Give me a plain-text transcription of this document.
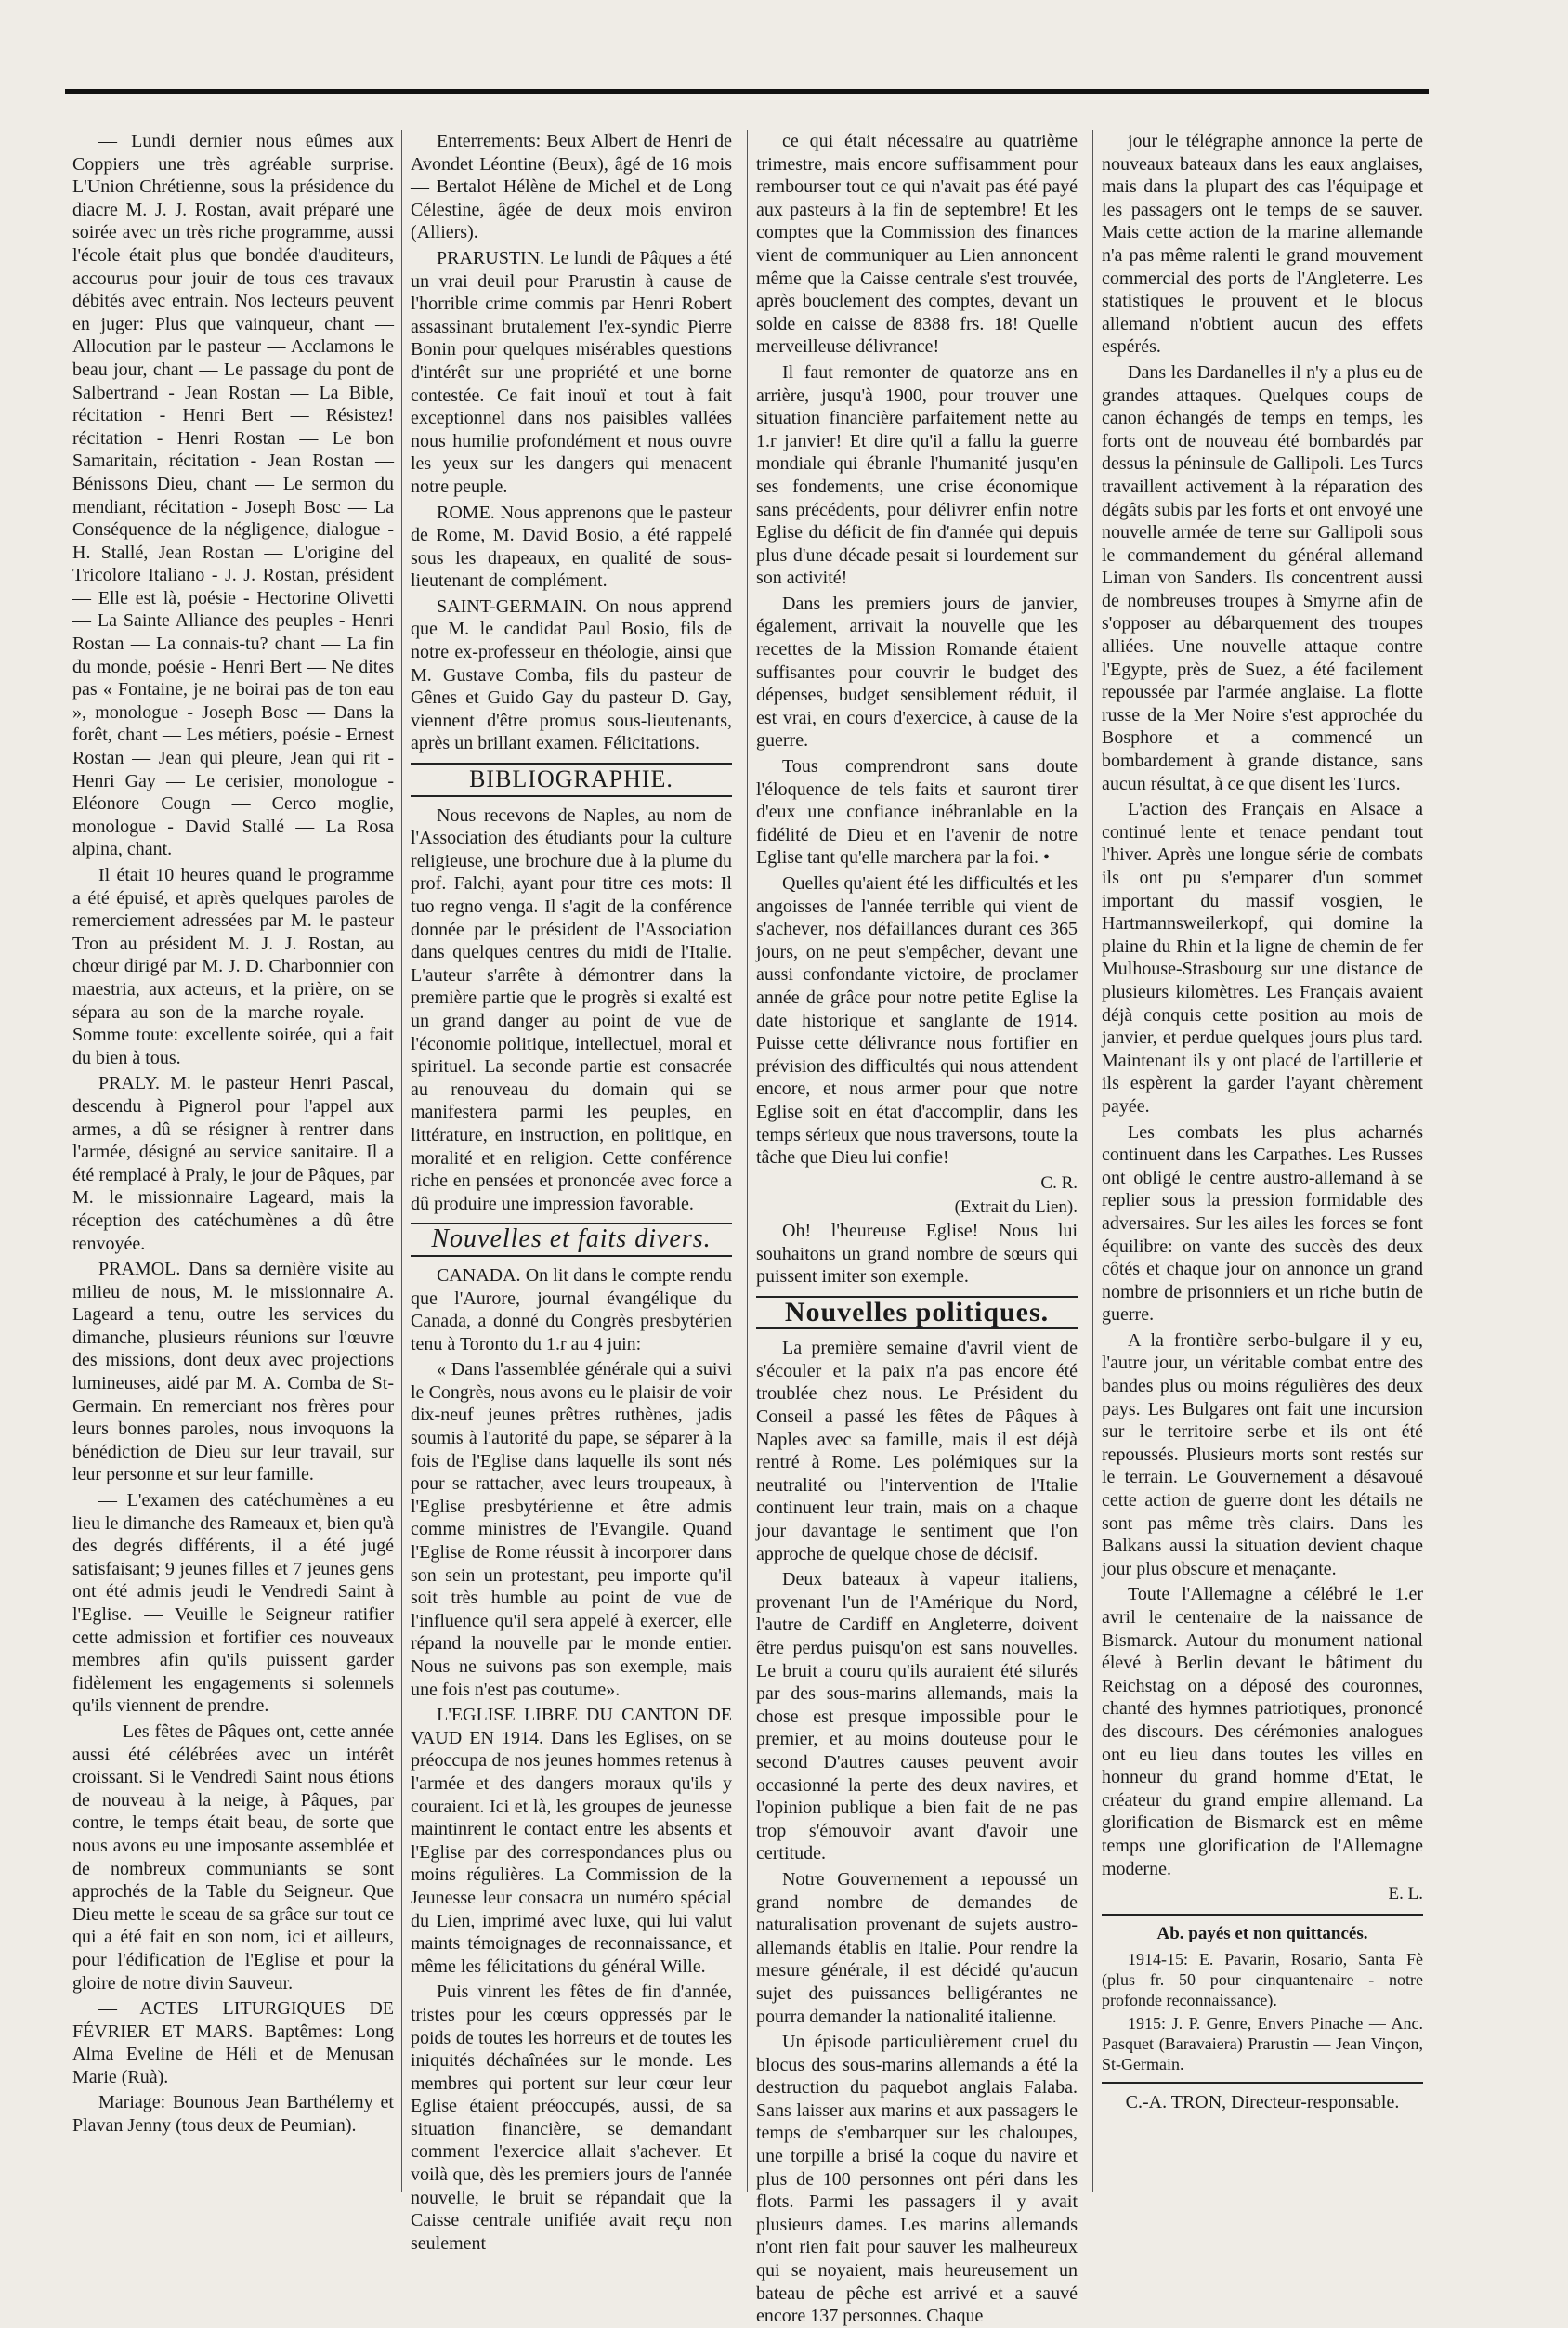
— Lundi dernier nous eûmes aux Coppiers une très agréable surprise. L'Union Chrétienne, sous la présidence du diacre M. J. J. Rostan, avait préparé une soirée avec un très riche programme, aussi l'école était plus que bondée d'auditeurs, accourus pour jouir de tous ces travaux débités avec entrain. Nos lecteurs peuvent en juger: Plus que vainqueur, chant — Allocution par le pasteur — Acclamons le beau jour, chant — Le passage du pont de Salbertrand - Jean Rostan — La Bible, récitation - Henri Bert — Résistez! récitation - Henri Rostan — Le bon Samaritain, récitation - Jean Rostan — Bénissons Dieu, chant — Le sermon du mendiant, récitation - Joseph Bosc — La Conséquence de la négligence, dialogue - H. Stallé, Jean Rostan — L'origine del Tricolore Italiano - J. J. Rostan, président — Elle est là, poésie - Hectorine Olivetti — La Sainte Alliance des peuples - Henri Rostan — La connais-tu? chant — La fin du monde, poésie - Henri Bert — Ne dites pas « Fontaine, je ne boirai pas de ton eau », monologue - Joseph Bosc — Dans la forêt, chant — Les métiers, poésie - Ernest Rostan — Jean qui pleure, Jean qui rit - Henri Gay — Le cerisier, monologue - Eléonore Cougn — Cerco moglie, monologue - David Stallé — La Rosa alpina, chant.

Il était 10 heures quand le programme a été épuisé, et après quelques paroles de remerciement adressées par M. le pasteur Tron au président M. J. J. Rostan, au chœur dirigé par M. J. D. Charbonnier con maestria, aux acteurs, et la prière, on se sépara au son de la marche royale. — Somme toute: excellente soirée, qui a fait du bien à tous.

PRALY. M. le pasteur Henri Pascal, descendu à Pignerol pour l'appel aux armes, a dû se résigner à rentrer dans l'armée, désigné au service sanitaire. Il a été remplacé à Praly, le jour de Pâques, par M. le missionnaire Lageard, mais la réception des catéchumènes a dû être renvoyée.

PRAMOL. Dans sa dernière visite au milieu de nous, M. le missionnaire A. Lageard a tenu, outre les services du dimanche, plusieurs réunions sur l'œuvre des missions, dont deux avec projections lumineuses, aidé par M. A. Comba de St-Germain. En remerciant nos frères pour leurs bonnes paroles, nous invoquons la bénédiction de Dieu sur leur travail, sur leur personne et sur leur famille.

— L'examen des catéchumènes a eu lieu le dimanche des Rameaux et, bien qu'à des degrés différents, il a été jugé satisfaisant; 9 jeunes filles et 7 jeunes gens ont été admis jeudi le Vendredi Saint à l'Eglise. — Veuille le Seigneur ratifier cette admission et fortifier ces nouveaux membres afin qu'ils puissent garder fidèlement les engagements si solennels qu'ils viennent de prendre.

— Les fêtes de Pâques ont, cette année aussi été célébrées avec un intérêt croissant. Si le Vendredi Saint nous étions de nouveau à la neige, à Pâques, par contre, le temps était beau, de sorte que nous avons eu une imposante assemblée et de nombreux communiants se sont approchés de la Table du Seigneur. Que Dieu mette le sceau de sa grâce sur tout ce qui a été fait en son nom, ici et ailleurs, pour l'édification de l'Eglise et pour la gloire de notre divin Sauveur.

— ACTES LITURGIQUES DE FÉVRIER ET MARS. Baptêmes: Long Alma Eveline de Héli et de Menusan Marie (Ruà).

Mariage: Bounous Jean Barthélemy et Plavan Jenny (tous deux de Peumian).

Enterrements: Beux Albert de Henri de Avondet Léontine (Beux), âgé de 16 mois — Bertalot Hélène de Michel et de Long Célestine, âgée de deux mois environ (Alliers).

PRARUSTIN. Le lundi de Pâques a été un vrai deuil pour Prarustin à cause de l'horrible crime commis par Henri Robert assassinant brutalement l'ex-syndic Pierre Bonin pour quelques misérables questions d'intérêt sur une propriété et une borne contestée. Ce fait inouï et tout à fait exceptionnel dans nos paisibles vallées nous humilie profondément et nous ouvre les yeux sur les dangers qui menacent notre peuple.

ROME. Nous apprenons que le pasteur de Rome, M. David Bosio, a été rappelé sous les drapeaux, en qualité de sous-lieutenant de complément.

SAINT-GERMAIN. On nous apprend que M. le candidat Paul Bosio, fils de notre ex-professeur en théologie, ainsi que M. Gustave Comba, fils du pasteur de Gênes et Guido Gay du pasteur D. Gay, viennent d'être promus sous-lieutenants, après un brillant examen. Félicitations.

BIBLIOGRAPHIE.

Nous recevons de Naples, au nom de l'Association des étudiants pour la culture religieuse, une brochure due à la plume du prof. Falchi, ayant pour titre ces mots: Il tuo regno venga. Il s'agit de la conférence donnée par le président de l'Association dans quelques centres du midi de l'Italie. L'auteur s'arrête à démontrer dans la première partie que le progrès si exalté est un grand danger au point de vue de l'économie politique, intellectuel, moral et spirituel. La seconde partie est consacrée au renouveau du domain qui se manifestera parmi les peuples, en littérature, en instruction, en politique, en moralité et en religion. Cette conférence riche en pensées et prononcée avec force a dû produire une impression favorable.

Nouvelles et faits divers.

CANADA. On lit dans le compte rendu que l'Aurore, journal évangélique du Canada, a donné du Congrès presbytérien tenu à Toronto du 1.r au 4 juin:

« Dans l'assemblée générale qui a suivi le Congrès, nous avons eu le plaisir de voir dix-neuf jeunes prêtres ruthènes, jadis soumis à l'autorité du pape, se séparer à la fois de l'Eglise dans laquelle ils sont nés pour se rattacher, avec leurs troupeaux, à l'Eglise presbytérienne et être admis comme ministres de l'Evangile. Quand l'Eglise de Rome réussit à incorporer dans son sein un protestant, peu importe qu'il soit très humble au point de vue de l'influence qu'il sera appelé à exercer, elle répand la nouvelle par le monde entier. Nous ne suivons pas son exemple, mais une fois n'est pas coutume».

L'EGLISE LIBRE DU CANTON DE VAUD EN 1914. Dans les Eglises, on se préoccupa de nos jeunes hommes retenus à l'armée et des dangers moraux qu'ils y couraient. Ici et là, les groupes de jeunesse maintinrent le contact entre les absents et l'Eglise par des correspondances plus ou moins régulières. La Commission de la Jeunesse leur consacra un numéro spécial du Lien, imprimé avec luxe, qui lui valut maints témoignages de reconnaissance, et même les félicitations du général Wille.

Puis vinrent les fêtes de fin d'année, tristes pour les cœurs oppressés par le poids de toutes les horreurs et de toutes les iniquités déchaînées sur le monde. Les membres qui portent sur leur cœur leur Eglise étaient préoccupés, aussi, de sa situation financière, se demandant comment l'exercice allait s'achever. Et voilà que, dès les premiers jours de l'année nouvelle, le bruit se répandait que la Caisse centrale unifiée avait reçu non seulement

ce qui était nécessaire au quatrième trimestre, mais encore suffisamment pour rembourser tout ce qui n'avait pas été payé aux pasteurs à la fin de septembre! Et les comptes que la Commission des finances vient de communiquer au Lien annoncent même que la Caisse centrale s'est trouvée, après bouclement des comptes, devant un solde en caisse de 8388 frs. 18! Quelle merveilleuse délivrance!

Il faut remonter de quatorze ans en arrière, jusqu'à 1900, pour trouver une situation financière parfaitement nette au 1.r janvier! Et dire qu'il a fallu la guerre mondiale qui ébranle l'humanité jusqu'en ses fondements, une crise économique sans précédents, pour délivrer enfin notre Eglise du déficit de fin d'année qui depuis plus d'une décade pesait si lourdement sur son activité!

Dans les premiers jours de janvier, également, arrivait la nouvelle que les recettes de la Mission Romande étaient suffisantes pour couvrir le budget des dépenses, budget sensiblement réduit, il est vrai, en cours d'exercice, à cause de la guerre.

Tous comprendront sans doute l'éloquence de tels faits et sauront tirer d'eux une confiance inébranlable en la fidélité de Dieu et en l'avenir de notre Eglise tant qu'elle marchera par la foi. •

Quelles qu'aient été les difficultés et les angoisses de l'année terrible qui vient de s'achever, nos défaillances durant ces 365 jours, on ne peut s'empêcher, devant une aussi confondante victoire, de proclamer année de grâce pour notre petite Eglise la date historique et sanglante de 1914. Puisse cette délivrance nous fortifier en prévision des difficultés qui nous attendent encore, et nous armer pour que notre Eglise soit en état d'accomplir, dans les temps sérieux que nous traversons, toute la tâche que Dieu lui confie!

C. R.
(Extrait du Lien).

Oh! l'heureuse Eglise! Nous lui souhaitons un grand nombre de sœurs qui puissent imiter son exemple.

Nouvelles politiques.

La première semaine d'avril vient de s'écouler et la paix n'a pas encore été troublée chez nous. Le Président du Conseil a passé les fêtes de Pâques à Naples avec sa famille, mais il est déjà rentré à Rome. Les polémiques sur la neutralité ou l'intervention de l'Italie continuent leur train, mais on a chaque jour davantage le sentiment que l'on approche de quelque chose de décisif.

Deux bateaux à vapeur italiens, provenant l'un de l'Amérique du Nord, l'autre de Cardiff en Angleterre, doivent être perdus puisqu'on est sans nouvelles. Le bruit a couru qu'ils auraient été silurés par des sous-marins allemands, mais la chose est presque impossible pour le premier, et au moins douteuse pour le second D'autres causes peuvent avoir occasionné la perte des deux navires, et l'opinion publique a bien fait de ne pas trop s'émouvoir avant d'avoir une certitude.

Notre Gouvernement a repoussé un grand nombre de demandes de naturalisation provenant de sujets austro-allemands établis en Italie. Pour rendre la mesure générale, il est décidé qu'aucun sujet des puissances belligérantes ne pourra demander la nationalité italienne.

Un épisode particulièrement cruel du blocus des sous-marins allemands a été la destruction du paquebot anglais Falaba. Sans laisser aux marins et aux passagers le temps de s'embarquer sur les chaloupes, une torpille a brisé la coque du navire et plus de 100 personnes ont péri dans les flots. Parmi les passagers il y avait plusieurs dames. Les marins allemands n'ont rien fait pour sauver les malheureux qui se noyaient, mais heureusement un bateau de pêche est arrivé et a sauvé encore 137 personnes. Chaque

jour le télégraphe annonce la perte de nouveaux bateaux dans les eaux anglaises, mais dans la plupart des cas l'équipage et les passagers ont le temps de se sauver. Mais cette action de la marine allemande n'a pas même ralenti le grand mouvement commercial des ports de l'Angleterre. Les statistiques le prouvent et le blocus allemand n'obtient aucun des effets espérés.

Dans les Dardanelles il n'y a plus eu de grandes attaques. Quelques coups de canon échangés de temps en temps, les forts ont de nouveau été bombardés par dessus la péninsule de Gallipoli. Les Turcs travaillent activement à la réparation des dégâts subis par les forts et ont envoyé une nouvelle armée de terre sur Gallipoli sous le commandement du général allemand Liman von Sanders. Ils concentrent aussi de nombreuses troupes à Smyrne afin de s'opposer au débarquement des troupes alliées. Une nouvelle attaque contre l'Egypte, près de Suez, a été facilement repoussée par l'armée anglaise. La flotte russe de la Mer Noire s'est approchée du Bosphore et a commencé un bombardement à grande distance, sans aucun résultat, à ce que disent les Turcs.

L'action des Français en Alsace a continué lente et tenace pendant tout l'hiver. Après une longue série de combats ils ont pu s'emparer d'un sommet important du massif vosgien, le Hartmannsweilerkopf, qui domine la plaine du Rhin et la ligne de chemin de fer Mulhouse-Strasbourg sur une distance de plusieurs kilomètres. Les Français avaient déjà conquis cette position au mois de janvier, et perdue quelques jours plus tard. Maintenant ils y ont placé de l'artillerie et ils espèrent la garder l'ayant chèrement payée.

Les combats les plus acharnés continuent dans les Carpathes. Les Russes ont obligé le centre austro-allemand à se replier sous la pression formidable des adversaires. Sur les ailes les forces se font équilibre: on vante des succès des deux côtés et chaque jour on annonce un grand nombre de prisonniers et un riche butin de guerre.

A la frontière serbo-bulgare il y eu, l'autre jour, un véritable combat entre des bandes plus ou moins régulières des deux pays. Les Bulgares ont fait une incursion sur le territoire serbe et ils ont été repoussés. Plusieurs morts sont restés sur le terrain. Le Gouvernement a désavoué cette action de guerre dont les détails ne sont pas même très clairs. Dans les Balkans aussi la situation devient chaque jour plus obscure et menaçante.

Toute l'Allemagne a célébré le 1.er avril le centenaire de la naissance de Bismarck. Autour du monument national élevé à Berlin devant le bâtiment du Reichstag on a déposé des couronnes, chanté des hymnes patriotiques, prononcé des discours. Des cérémonies analogues ont eu lieu dans toutes les villes en honneur du grand homme d'Etat, le créateur du grand empire allemand. La glorification de Bismarck est en même temps une glorification de l'Allemagne moderne.

E. L.
Ab. payés et non quittancés.

1914-15: E. Pavarin, Rosario, Santa Fè (plus fr. 50 pour cinquantenaire - notre profonde reconnaissance).

1915: J. P. Genre, Envers Pinache — Anc. Pasquet (Baravaiera) Prarustin — Jean Vinçon, St-Germain.

C.-A. TRON, Directeur-responsable.
